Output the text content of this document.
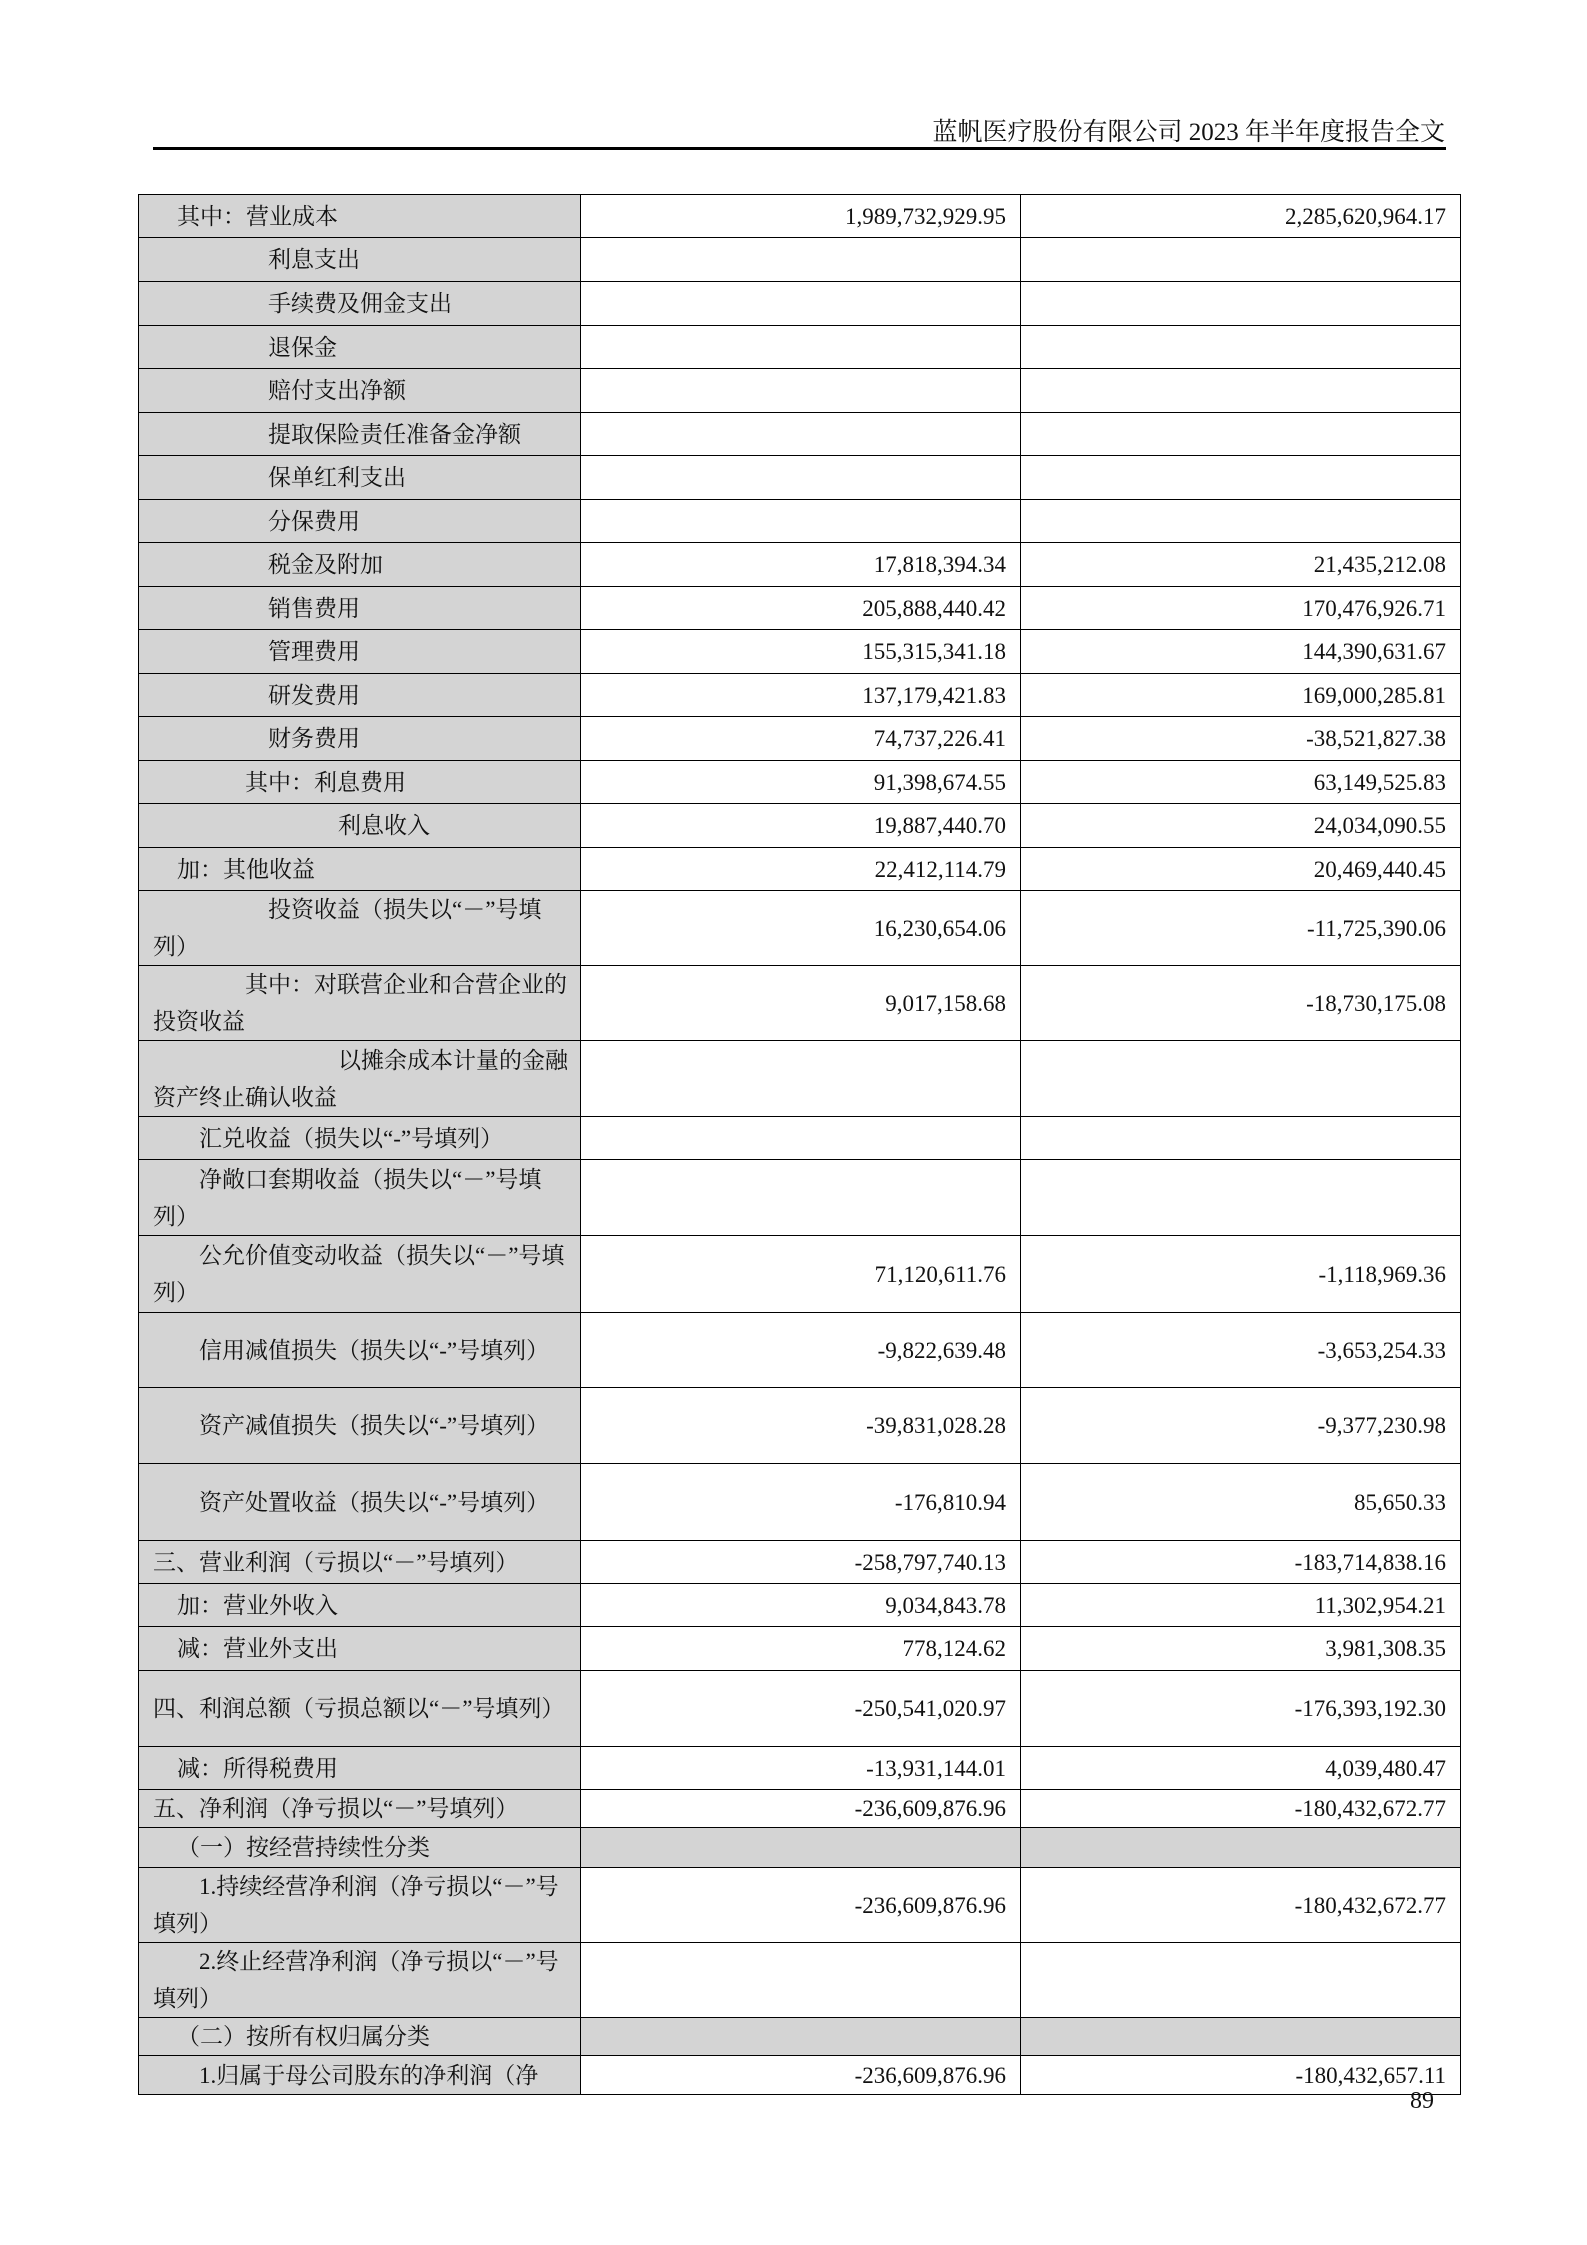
蓝帆医疗股份有限公司 2023 年半年度报告全文
其中：营业成本	1,989,732,929.95	2,285,620,964.17
利息支出		
手续费及佣金支出		
退保金		
赔付支出净额		
提取保险责任准备金净额		
保单红利支出		
分保费用		
税金及附加	17,818,394.34	21,435,212.08
销售费用	205,888,440.42	170,476,926.71
管理费用	155,315,341.18	144,390,631.67
研发费用	137,179,421.83	169,000,285.81
财务费用	74,737,226.41	-38,521,827.38
其中：利息费用	91,398,674.55	63,149,525.83
利息收入	19,887,440.70	24,034,090.55
加：其他收益	22,412,114.79	20,469,440.45
投资收益（损失以“－”号填列）	16,230,654.06	-11,725,390.06
其中：对联营企业和合营企业的投资收益	9,017,158.68	-18,730,175.08
以摊余成本计量的金融资产终止确认收益		
汇兑收益（损失以“-”号填列）		
净敞口套期收益（损失以“－”号填列）		
公允价值变动收益（损失以“－”号填列）	71,120,611.76	-1,118,969.36
信用减值损失（损失以“-”号填列）	-9,822,639.48	-3,653,254.33
资产减值损失（损失以“-”号填列）	-39,831,028.28	-9,377,230.98
资产处置收益（损失以“-”号填列）	-176,810.94	85,650.33
三、营业利润（亏损以“－”号填列）	-258,797,740.13	-183,714,838.16
加：营业外收入	9,034,843.78	11,302,954.21
减：营业外支出	778,124.62	3,981,308.35
四、利润总额（亏损总额以“－”号填列）	-250,541,020.97	-176,393,192.30
减：所得税费用	-13,931,144.01	4,039,480.47
五、净利润（净亏损以“－”号填列）	-236,609,876.96	-180,432,672.77
（一）按经营持续性分类		
1.持续经营净利润（净亏损以“－”号填列）	-236,609,876.96	-180,432,672.77
2.终止经营净利润（净亏损以“－”号填列）		
（二）按所有权归属分类		
1.归属于母公司股东的净利润（净	-236,609,876.96	-180,432,657.11
89
